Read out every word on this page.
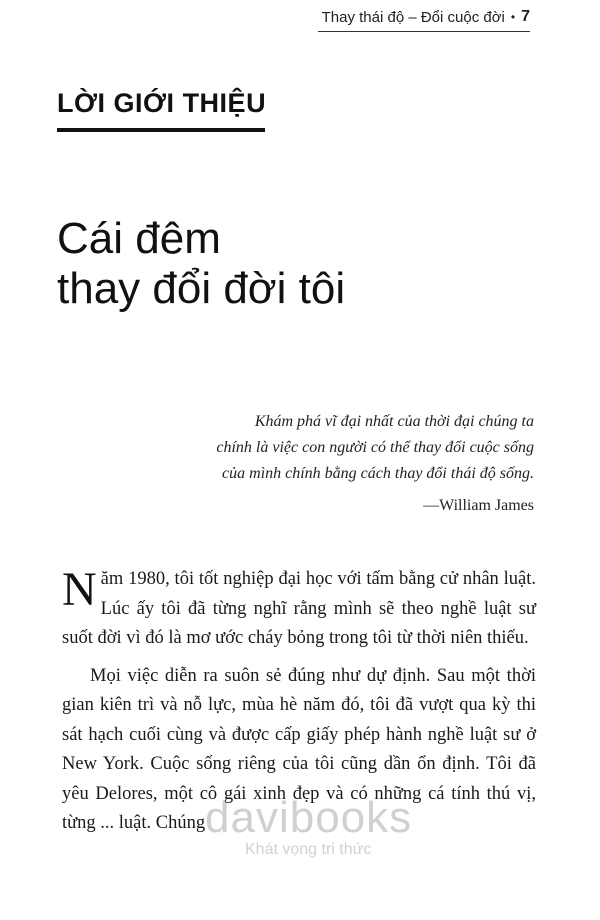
Thay thái độ – Đổi cuộc đời • 7
LỜI GIỚI THIỆU
Cái đêm
thay đổi đời tôi
Khám phá vĩ đại nhất của thời đại chúng ta
chính là việc con người có thể thay đổi cuộc sống
của mình chính bằng cách thay đổi thái độ sống.
—William James

Năm 1980, tôi tốt nghiệp đại học với tấm bằng cử nhân luật. Lúc ấy tôi đã từng nghĩ rằng mình sẽ theo nghề luật sư suốt đời vì đó là mơ ước cháy bỏng trong tôi từ thời niên thiếu.

Mọi việc diễn ra suôn sẻ đúng như dự định. Sau một thời gian kiên trì và nỗ lực, mùa hè năm đó, tôi đã vượt qua kỳ thi sát hạch cuối cùng và được cấp giấy phép hành nghề luật sư ở New York. Cuộc sống riêng của tôi cũng dần ổn định. Tôi đã yêu Delores, một cô gái xinh đẹp và có những cá tính thú vị, từng ... luật. Chúng davibooks
Khát vọng tri thức
